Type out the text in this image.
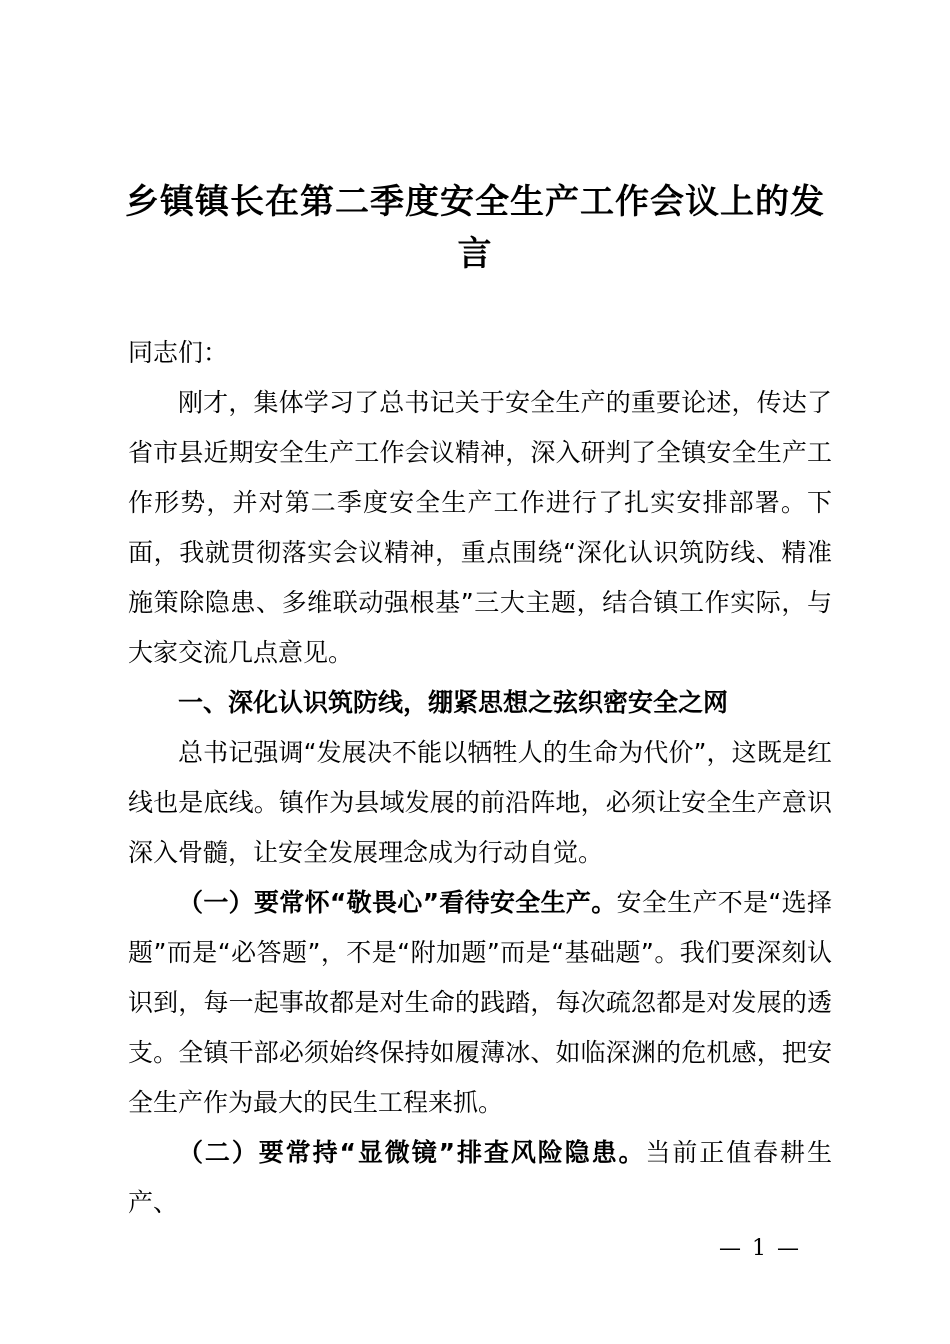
乡镇镇长在第二季度安全生产工作会议上的发言

同志们：

刚才，集体学习了总书记关于安全生产的重要论述，传达了省市县近期安全生产工作会议精神，深入研判了全镇安全生产工作形势，并对第二季度安全生产工作进行了扎实安排部署。下面，我就贯彻落实会议精神，重点围绕“深化认识筑防线、精准施策除隐患、多维联动强根基”三大主题，结合镇工作实际，与大家交流几点意见。

一、深化认识筑防线，绷紧思想之弦织密安全之网

总书记强调“发展决不能以牺牲人的生命为代价”，这既是红线也是底线。镇作为县域发展的前沿阵地，必须让安全生产意识深入骨髓，让安全发展理念成为行动自觉。

（一）要常怀“敬畏心”看待安全生产。安全生产不是“选择题”而是“必答题”，不是“附加题”而是“基础题”。我们要深刻认识到，每一起事故都是对生命的践踏，每次疏忽都是对发展的透支。全镇干部必须始终保持如履薄冰、如临深渊的危机感，把安全生产作为最大的民生工程来抓。

（二）要常持“显微镜”排查风险隐患。当前正值春耕生产、

— 1 —
